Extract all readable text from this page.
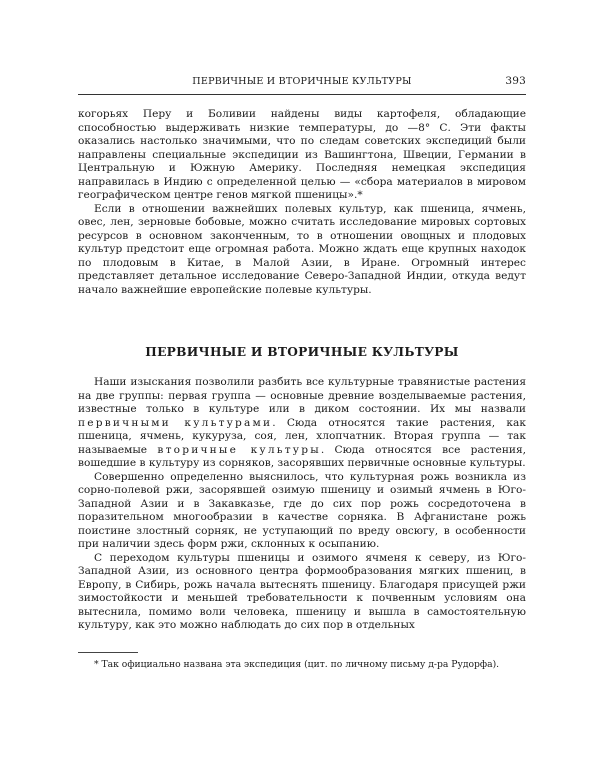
ПЕРВИЧНЫЕ И ВТОРИЧНЫЕ КУЛЬТУРЫ	393

когорьях Перу и Боливии найдены виды картофеля, обладающие способностью выдерживать низкие температуры, до —8° С. Эти факты оказались настолько значимыми, что по следам советских экспедиций были направлены специальные экспедиции из Вашингтона, Швеции, Германии в Центральную и Южную Америку. Последняя немецкая экспедиция направилась в Индию с определенной целью — «сбора материалов в мировом географическом центре генов мягкой пшеницы».*

Если в отношении важнейших полевых культур, как пшеница, ячмень, овес, лен, зерновые бобовые, можно считать исследование мировых сортовых ресурсов в основном законченным, то в отношении овощных и плодовых культур предстоит еще огромная работа. Можно ждать еще крупных находок по плодовым в Китае, в Малой Азии, в Иране. Огромный интерес представляет детальное исследование Северо-Западной Индии, откуда ведут начало важнейшие европейские полевые культуры.

ПЕРВИЧНЫЕ И ВТОРИЧНЫЕ КУЛЬТУРЫ

Наши изыскания позволили разбить все культурные травянистые растения на две группы: первая группа — основные древние возделываемые растения, известные только в культуре или в диком состоянии. Их мы назвали первичными культурами. Сюда относятся такие растения, как пшеница, ячмень, кукуруза, соя, лен, хлопчатник. Вторая группа — так называемые вторичные культуры. Сюда относятся все растения, вошедшие в культуру из сорняков, засорявших первичные основные культуры.

Совершенно определенно выяснилось, что культурная рожь возникла из сорно-полевой ржи, засорявшей озимую пшеницу и озимый ячмень в Юго-Западной Азии и в Закавказье, где до сих пор рожь сосредоточена в поразительном многообразии в качестве сорняка. В Афганистане рожь поистине злостный сорняк, не уступающий по вреду овсюгу, в особенности при наличии здесь форм ржи, склонных к осыпанию.

С переходом культуры пшеницы и озимого ячменя к северу, из Юго-Западной Азии, из основного центра формообразования мягких пшениц, в Европу, в Сибирь, рожь начала вытеснять пшеницу. Благодаря присущей ржи зимостойкости и меньшей требовательности к почвенным условиям она вытеснила, помимо воли человека, пшеницу и вышла в самостоятельную культуру, как это можно наблюдать до сих пор в отдельных

* Так официально названа эта экспедиция (цит. по личному письму д-ра Рудорфа).
